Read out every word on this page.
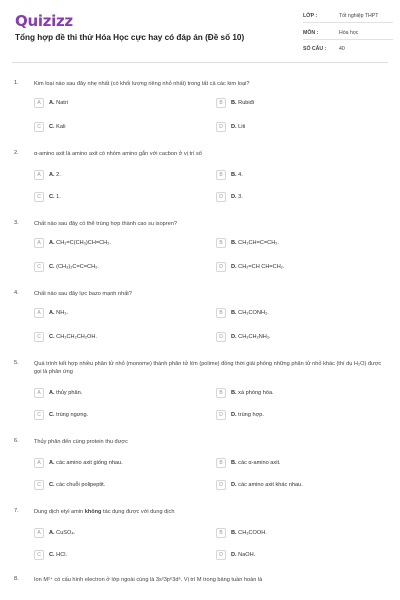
Quizizz
Tổng hợp đề thi thử Hóa Học cực hay có đáp án (Đề số 10)
LỚP :	Tốt nghiệp THPT
MÔN :	Hóa học
SỐ CÂU : 40
1.	Kim loại nào sau đây nhẹ nhất (có khối lượng riêng nhỏ nhất) trong tất cả các kim loại?
A	A. Natri	B	B. Rubiđi
C	C. Kali	D	D. Liti
2.	α-amino axit là amino axit có nhóm amino gắn với cacbon ở vị trí số
A	A. 2.	B	B. 4.
C	C. 1.	D	D. 3.
3.	Chất nào sau đây có thể trùng hợp thành cao su isopren?
A	A. CH₂=C(CH₃)CH=CH₂.	B	B. CH₃CH=C=CH₂.
C	C. (CH₃)₂C=C=CH₂.	D	D. CH₂=CH CH=CH₂.
4.	Chất nào sau đây lực bazo mạnh nhất?
A	A. NH₃.	B	B. CH₃CONH₂.
C	C. CH₃CH₂CH₂OH.	D	D. CH₃CH₂NH₂.
5.	Quá trình kết hợp nhiều phân tử nhỏ (monome) thành phân tử lớn (polime) đồng thời giải phóng những phân tử nhỏ khác (thí dụ H₂O) được gọi là phản ứng
A	A. thủy phân.	B	B. xà phòng hóa.
C	C. trùng ngưng.	D	D. trùng hợp.
6.	Thủy phân đến cùng protein thu được
A	A. các amino axit giống nhau.	B	B. các α-amino axit.
C	C. các chuỗi polipeptit.	D	D. các amino axit khác nhau.
7.	Dung dịch etyl amin không tác dụng được với dung dịch
A	A. CuSO₄.	B	B. CH₃COOH.
C	C. HCl.	D	D. NaOH.
8.	Ion M²⁺ có cấu hình electron ở lớp ngoài cùng là 3s²3p⁶3d⁶. Vị trí M trong bảng tuần hoàn là
